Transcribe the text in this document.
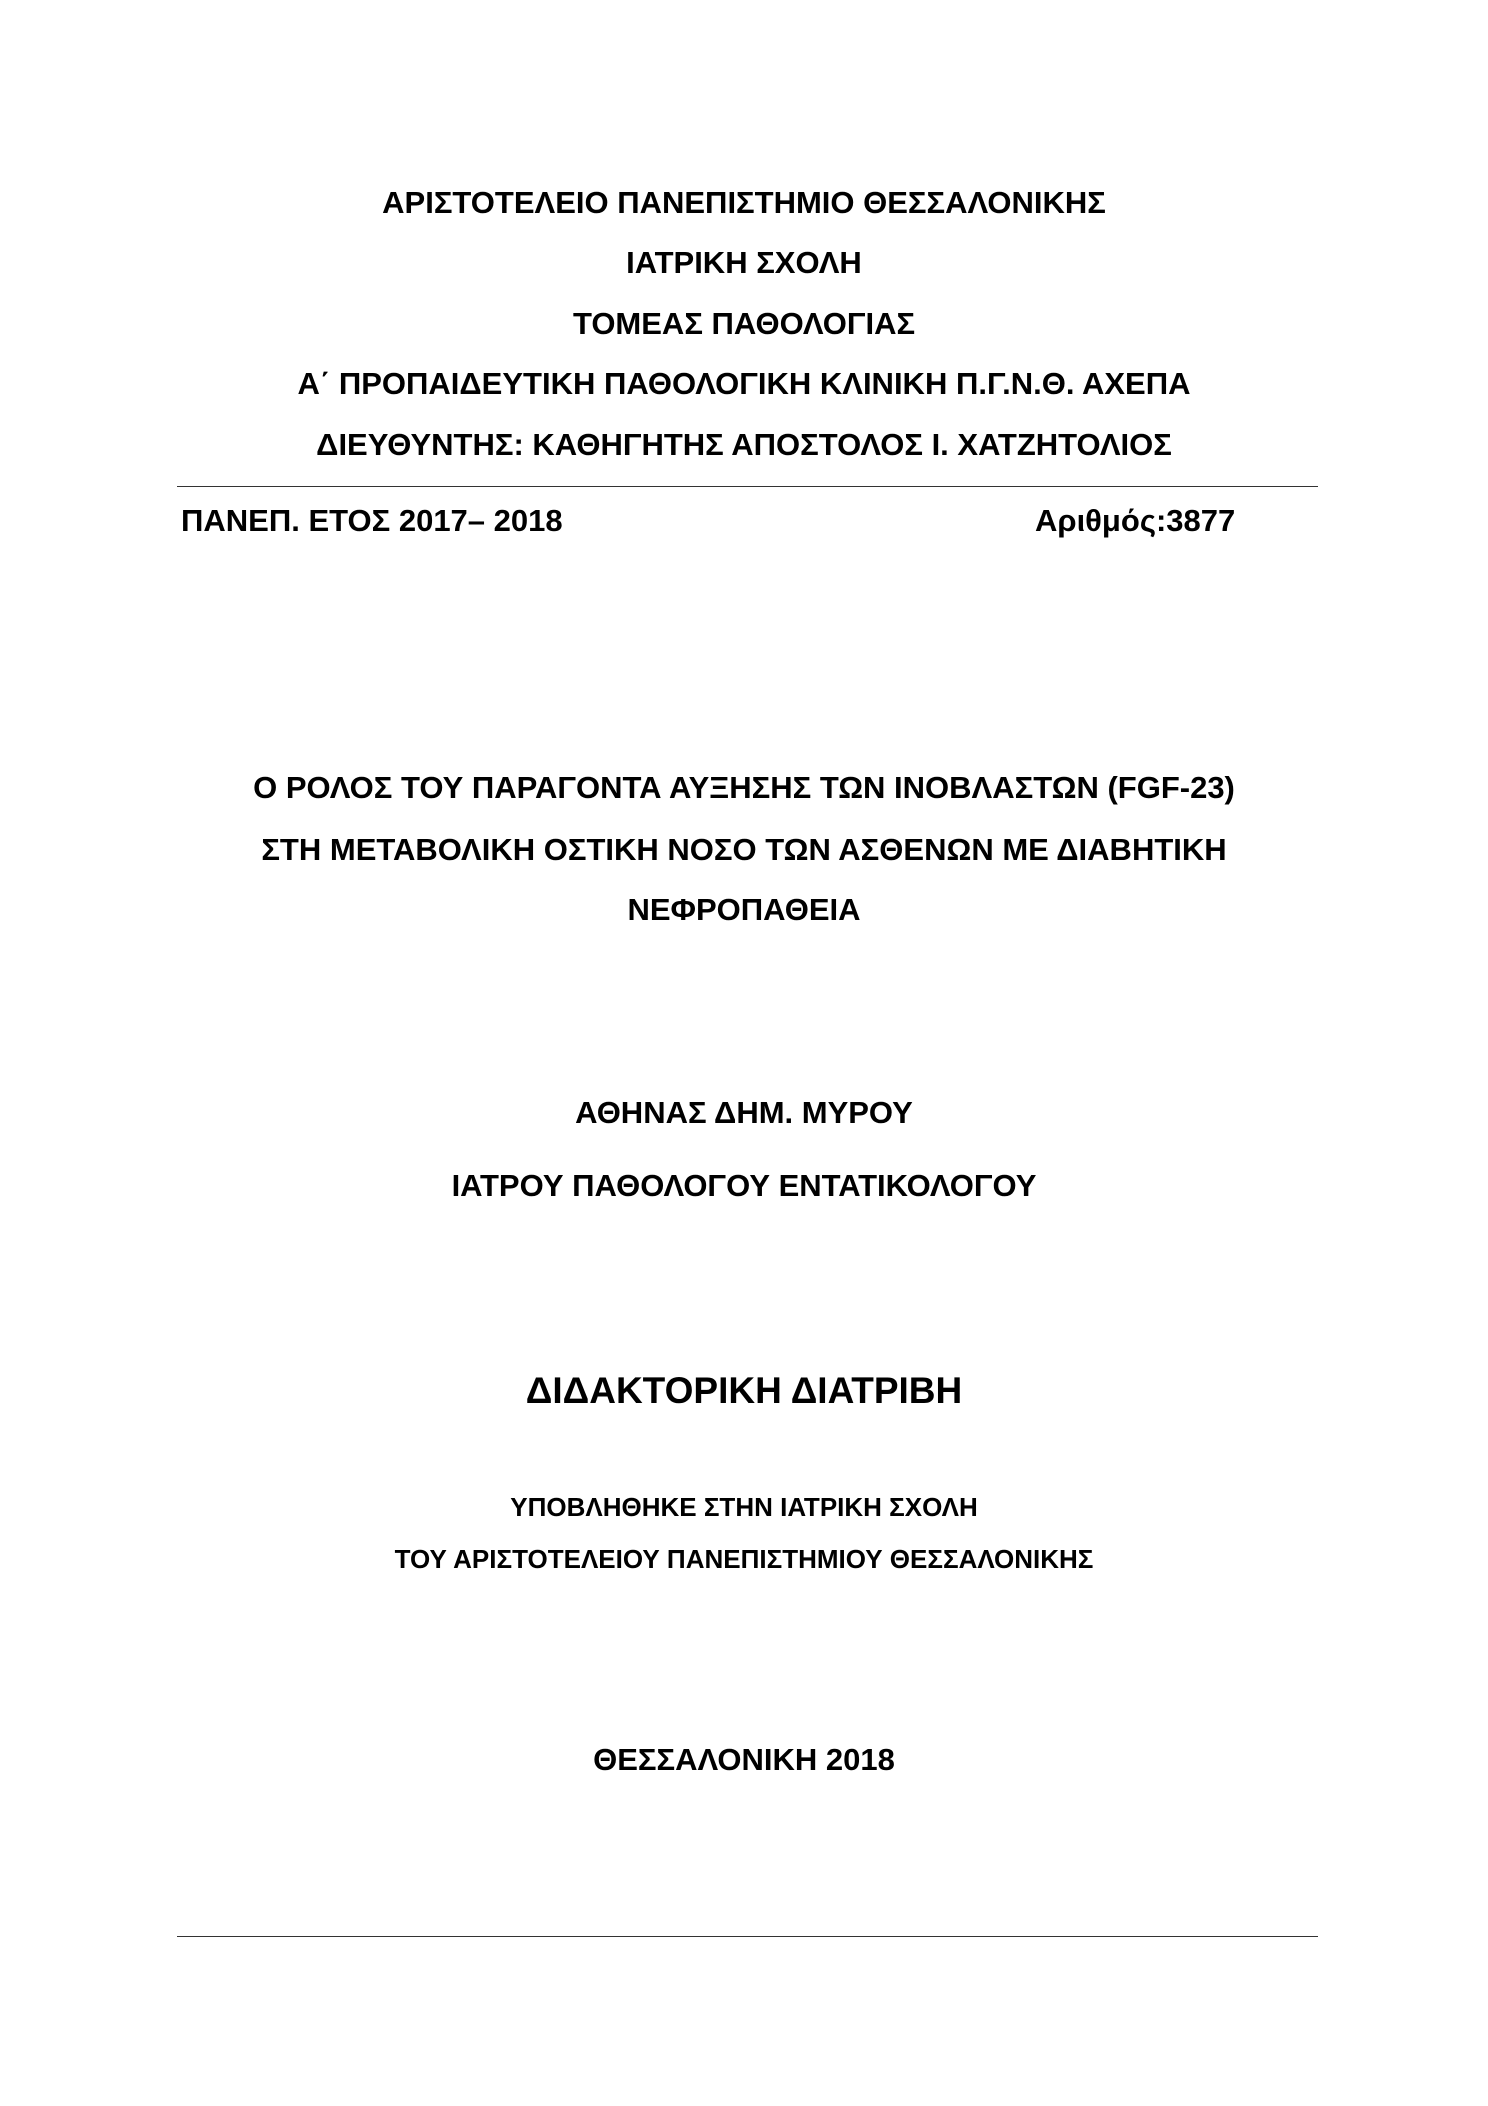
ΑΡΙΣΤΟΤΕΛΕΙΟ ΠΑΝΕΠΙΣΤΗΜΙΟ ΘΕΣΣΑΛΟΝΙΚΗΣ
ΙΑΤΡΙΚΗ ΣΧΟΛΗ
ΤΟΜΕΑΣ ΠΑΘΟΛΟΓΙΑΣ
Α΄ ΠΡΟΠΑΙΔΕΥΤΙΚΗ ΠΑΘΟΛΟΓΙΚΗ ΚΛΙΝΙΚΗ Π.Γ.Ν.Θ. ΑΧΕΠΑ
ΔΙΕΥΘΥΝΤΗΣ: ΚΑΘΗΓΗΤΗΣ ΑΠΟΣΤΟΛΟΣ Ι. ΧΑΤΖΗΤΟΛΙΟΣ
ΠΑΝΕΠ. ΕΤΟΣ 2017– 2018	Αριθμός:3877
Ο ΡΟΛΟΣ ΤΟΥ ΠΑΡΑΓΟΝΤΑ ΑΥΞΗΣΗΣ ΤΩΝ ΙΝΟΒΛΑΣΤΩΝ (FGF-23)
ΣΤΗ ΜΕΤΑΒΟΛΙΚΗ ΟΣΤΙΚΗ ΝΟΣΟ ΤΩΝ ΑΣΘΕΝΩΝ ΜΕ ΔΙΑΒΗΤΙΚΗ
ΝΕΦΡΟΠΑΘΕΙΑ
ΑΘΗΝΑΣ ΔΗΜ. ΜΥΡΟΥ
ΙΑΤΡΟΥ ΠΑΘΟΛΟΓΟΥ ΕΝΤΑΤΙΚΟΛΟΓΟΥ
ΔΙΔΑΚΤΟΡΙΚΗ ΔΙΑΤΡΙΒΗ
ΥΠΟΒΛΗΘΗΚΕ ΣΤΗΝ ΙΑΤΡΙΚΗ ΣΧΟΛΗ
ΤΟΥ ΑΡΙΣΤΟΤΕΛΕΙΟΥ ΠΑΝΕΠΙΣΤΗΜΙΟΥ ΘΕΣΣΑΛΟΝΙΚΗΣ
ΘΕΣΣΑΛΟΝΙΚΗ 2018
